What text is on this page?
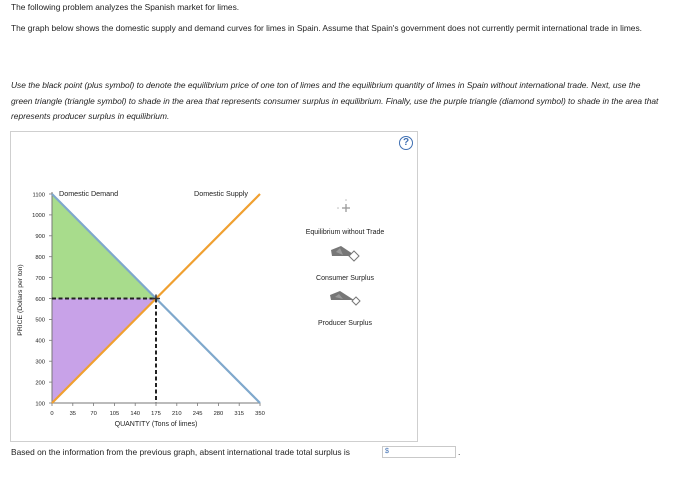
The following problem analyzes the Spanish market for limes.

The graph below shows the domestic supply and demand curves for limes in Spain. Assume that Spain's government does not currently permit international trade in limes.

Use the black point (plus symbol) to denote the equilibrium price of one ton of limes and the equilibrium quantity of limes in Spain without international trade. Next, use the green triangle (triangle symbol) to shade in the area that represents consumer surplus in equilibrium. Finally, use the purple triangle (diamond symbol) to shade in the area that represents producer surplus in equilibrium.

?
100
200
300
400
500
600
700
800
900
1000
1100
0	35 70 105 140 175 210 245 280 315 350
Domestic Demand	Domestic Supply
QUANTITY (Tons of limes)
PRICE (Dollars per ton)
Equilibrium without Trade
Consumer Surplus
Producer Surplus
Based on the information from the previous graph, absent international trade total surplus is	$	.
